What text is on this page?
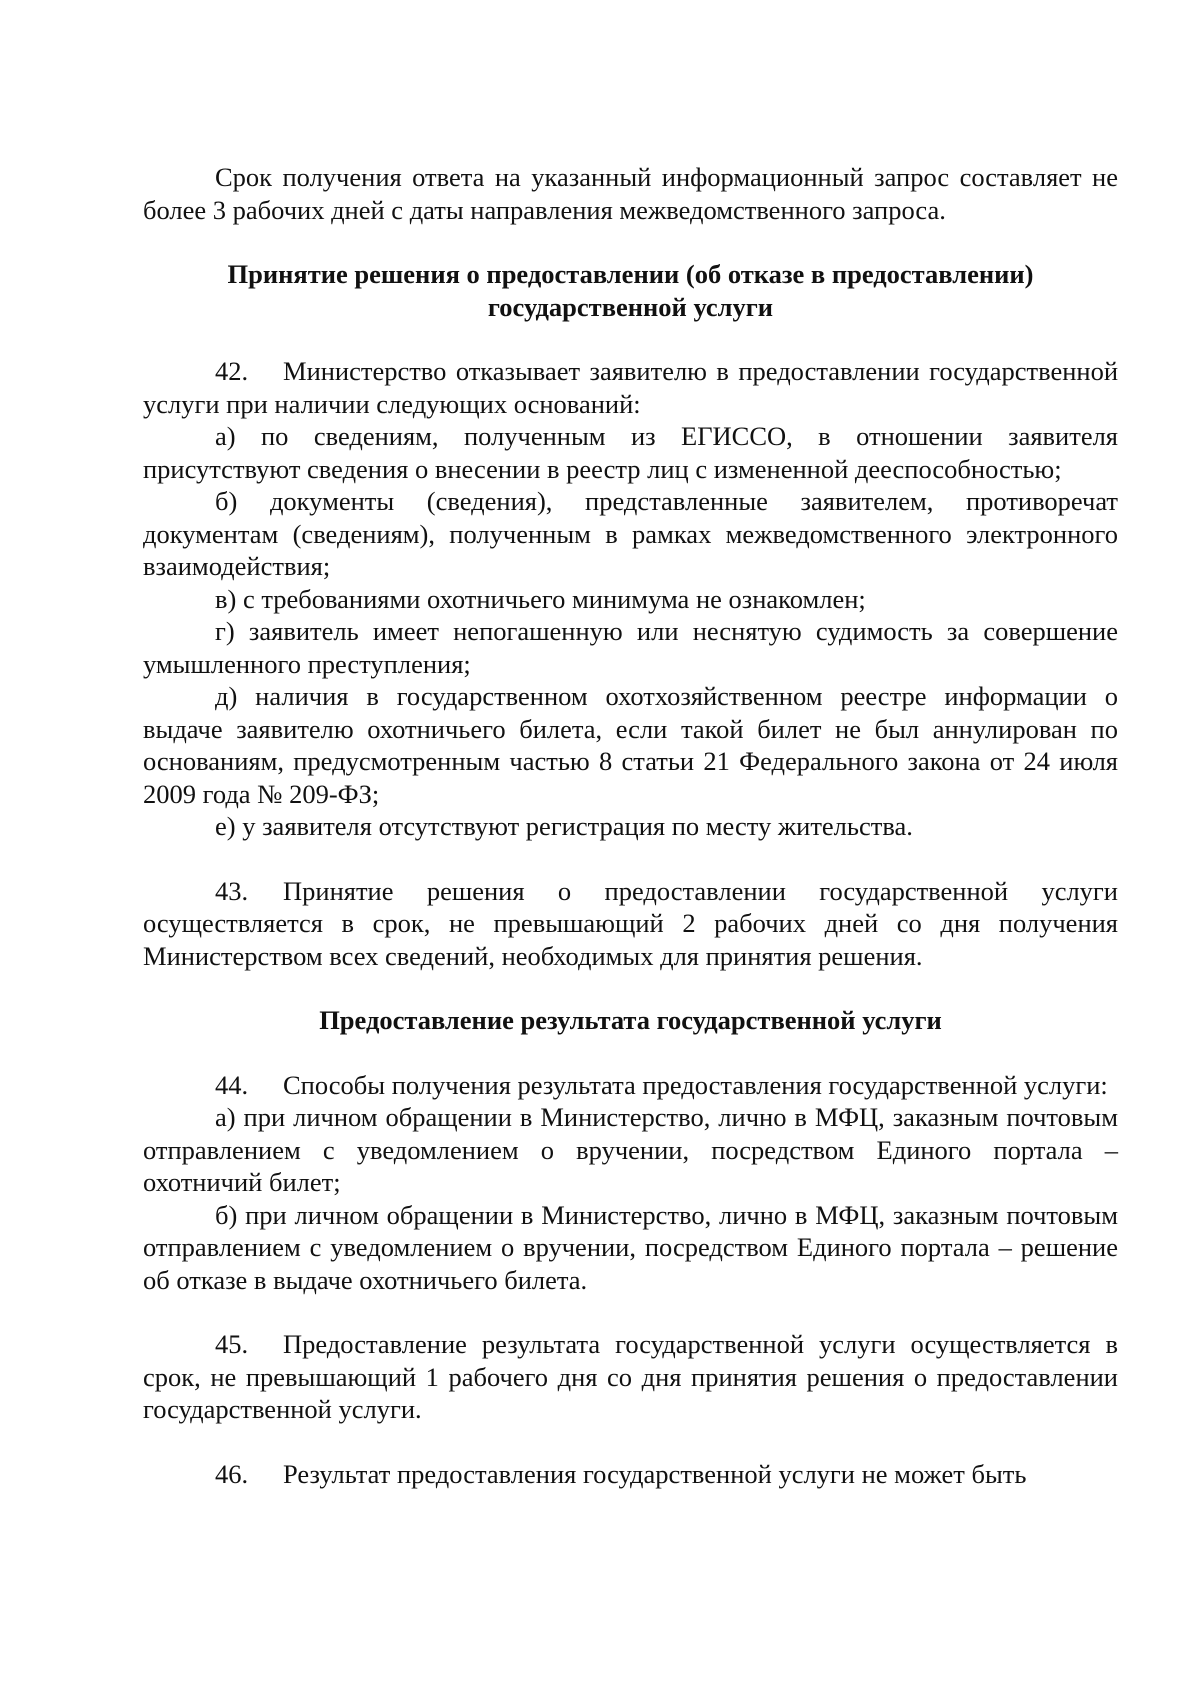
Срок получения ответа на указанный информационный запрос составляет не более 3 рабочих дней с даты направления межведомственного запроса.

Принятие решения о предоставлении (об отказе в предоставлении)
государственной услуги

42. Министерство отказывает заявителю в предоставлении государственной услуги при наличии следующих оснований:

а) по сведениям, полученным из ЕГИССО, в отношении заявителя присутствуют сведения о внесении в реестр лиц с измененной дееспособностью;

б) документы (сведения), представленные заявителем, противоречат документам (сведениям), полученным в рамках межведомственного электронного взаимодействия;

в) с требованиями охотничьего минимума не ознакомлен;

г) заявитель имеет непогашенную или неснятую судимость за совершение умышленного преступления;

д) наличия в государственном охотхозяйственном реестре информации о выдаче заявителю охотничьего билета, если такой билет не был аннулирован по основаниям, предусмотренным частью 8 статьи 21 Федерального закона от 24 июля 2009 года № 209-ФЗ;

е) у заявителя отсутствуют регистрация по месту жительства.

43. Принятие решения о предоставлении государственной услуги осуществляется в срок, не превышающий 2 рабочих дней со дня получения Министерством всех сведений, необходимых для принятия решения.

Предоставление результата государственной услуги

44. Способы получения результата предоставления государственной услуги:

а) при личном обращении в Министерство, лично в МФЦ, заказным почтовым отправлением с уведомлением о вручении, посредством Единого портала – охотничий билет;

б) при личном обращении в Министерство, лично в МФЦ, заказным почтовым отправлением с уведомлением о вручении, посредством Единого портала – решение об отказе в выдаче охотничьего билета.

45. Предоставление результата государственной услуги осуществляется в срок, не превышающий 1 рабочего дня со дня принятия решения о предоставлении государственной услуги.

46. Результат предоставления государственной услуги не может быть
